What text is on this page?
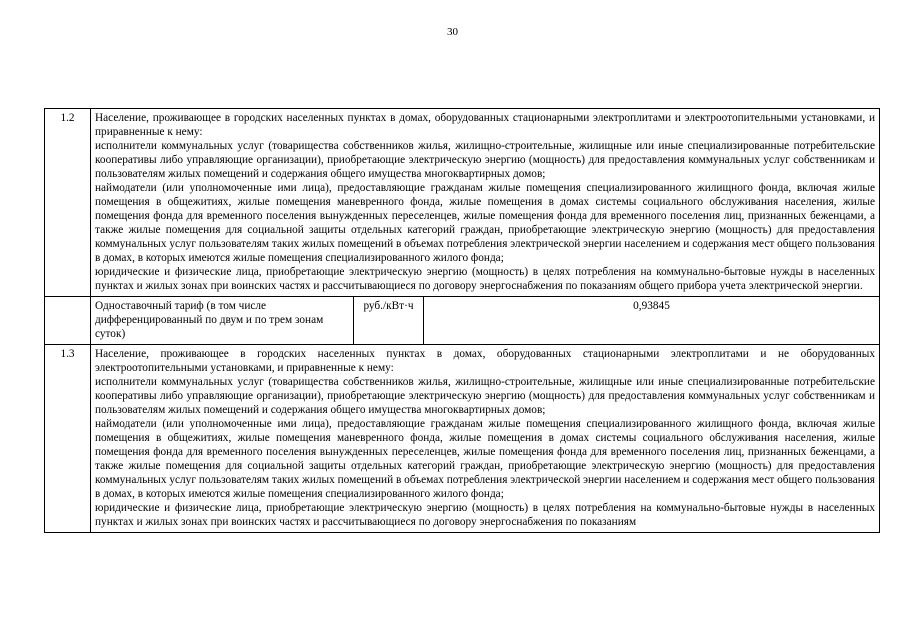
30
1.2	Население, проживающее в городских населенных пунктах в домах, оборудованных стационарными электроплитами и электроотопительными установками, и приравненные к нему:
исполнители коммунальных услуг (товарищества собственников жилья, жилищно-строительные, жилищные или иные специализированные потребительские кооперативы либо управляющие организации), приобретающие электрическую энергию (мощность) для предоставления коммунальных услуг собственникам и пользователям жилых помещений и содержания общего имущества многоквартирных домов;
наймодатели (или уполномоченные ими лица), предоставляющие гражданам жилые помещения специализированного жилищного фонда, включая жилые помещения в общежитиях, жилые помещения маневренного фонда, жилые помещения в домах системы социального обслуживания населения, жилые помещения фонда для временного поселения вынужденных переселенцев, жилые помещения фонда для временного поселения лиц, признанных беженцами, а также жилые помещения для социальной защиты отдельных категорий граждан, приобретающие электрическую энергию (мощность) для предоставления коммунальных услуг пользователям таких жилых помещений в объемах потребления электрической энергии населением и содержания мест общего пользования в домах, в которых имеются жилые помещения специализированного жилого фонда;
юридические и физические лица, приобретающие электрическую энергию (мощность) в целях потребления на коммунально-бытовые нужды в населенных пунктах и жилых зонах при воинских частях и рассчитывающиеся по договору энергоснабжения по показаниям общего прибора учета электрической энергии.		

	Одноставочный тариф (в том числе дифференцированный по двум и по трем зонам суток)	руб./кВт·ч	0,93845
1.3	Население, проживающее в городских населенных пунктах в домах, оборудованных стационарными электроплитами и не оборудованных электроотопительными установками, и приравненные к нему:
исполнители коммунальных услуг (товарищества собственников жилья, жилищно-строительные, жилищные или иные специализированные потребительские кооперативы либо управляющие организации), приобретающие электрическую энергию (мощность) для предоставления коммунальных услуг собственникам и пользователям жилых помещений и содержания общего имущества многоквартирных домов;
наймодатели (или уполномоченные ими лица), предоставляющие гражданам жилые помещения специализированного жилищного фонда, включая жилые помещения в общежитиях, жилые помещения маневренного фонда, жилые помещения в домах системы социального обслуживания населения, жилые помещения фонда для временного поселения вынужденных переселенцев, жилые помещения фонда для временного поселения лиц, признанных беженцами, а также жилые помещения для социальной защиты отдельных категорий граждан, приобретающие электрическую энергию (мощность) для предоставления коммунальных услуг пользователям таких жилых помещений в объемах потребления электрической энергии населением и содержания мест общего пользования в домах, в которых имеются жилые помещения специализированного жилого фонда;
юридические и физические лица, приобретающие электрическую энергию (мощность) в целях потребления на коммунально-бытовые нужды в населенных пунктах и жилых зонах при воинских частях и рассчитывающиеся по договору энергоснабжения по показаниям		
